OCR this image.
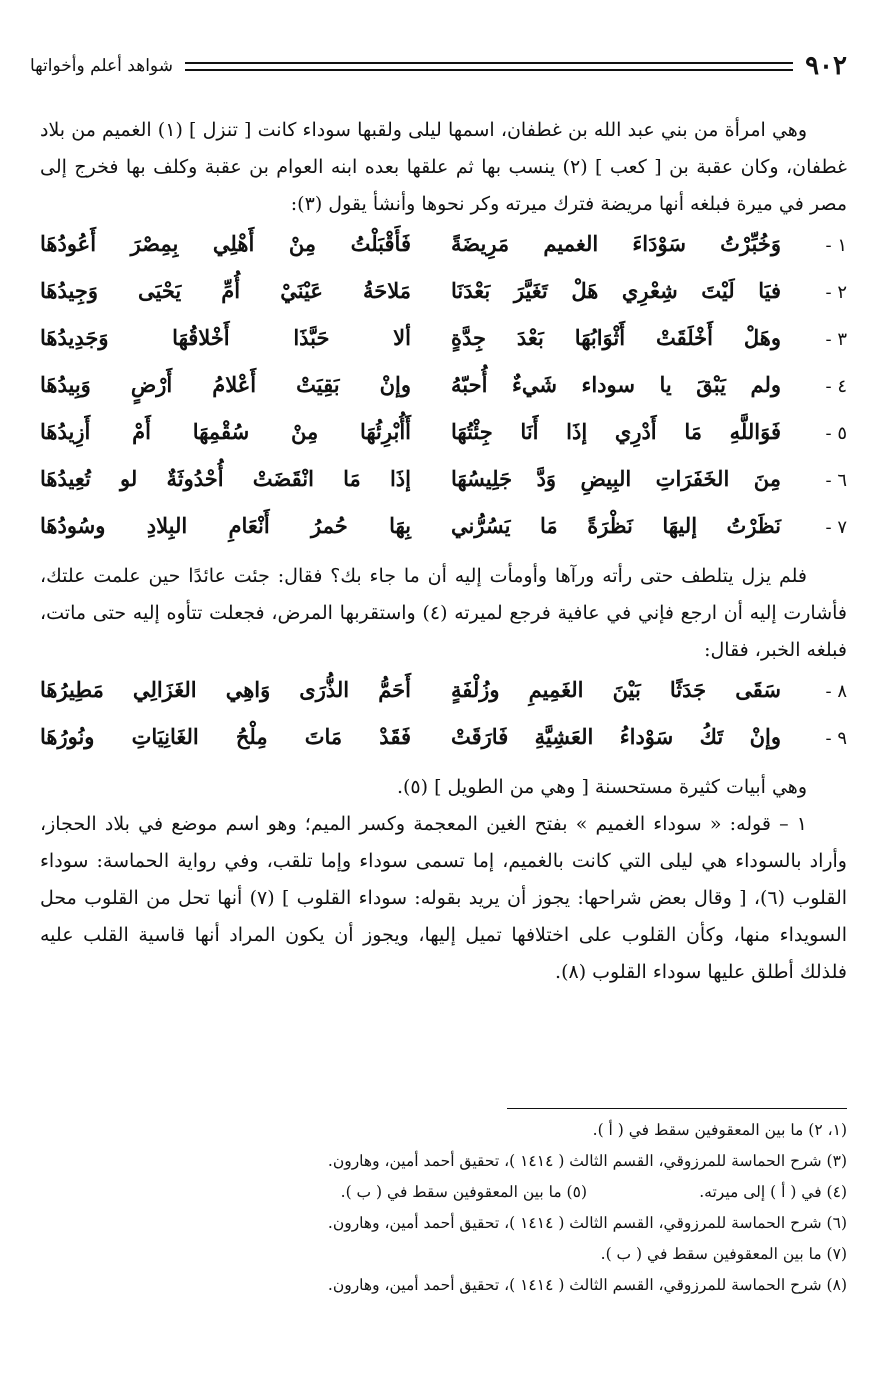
٩٠٢
شواهد أعلم وأخواتها

وهي امرأة من بني عبد الله بن غطفان، اسمها ليلى ولقبها سوداء كانت [ تنزل ] (١) الغميم من بلاد غطفان، وكان عقبة بن [ كعب ] (٢) ينسب بها ثم علقها بعده ابنه العوام بن عقبة وكلف بها فخرج إلى مصر في ميرة فبلغه أنها مريضة فترك ميرته وكر نحوها وأنشأ يقول (٣):

١ -
وَخُبِّرْتُ سَوْدَاءَ الغميم مَرِيضَةً
فَأَقْبَلْتُ مِنْ أَهْلِي بِمِصْرَ أَعُودُهَا
٢ -
فيَا لَيْتَ شِعْرِي هَلْ تَغَيَّرَ بَعْدَنَا
مَلاحَةُ عَيْنَيْ أُمِّ يَحْيَى وَجِيدُهَا
٣ -
وهَلْ أَخْلَقَتْ أَثْوَابُهَا بَعْدَ جِدَّةٍ
ألا حَبَّذَا أَخْلاقُهَا وَجَدِيدُهَا
٤ -
ولم يَبْقَ يا سوداء شَيءٌ أُحبّهُ
وإنْ بَقِيَتْ أَعْلامُ أَرْضٍ وَبِيدُهَا
٥ -
فَوَاللَّهِ مَا أَدْرِي إذَا أَنَا جِئْتُهَا
أَأُبْرِئُهَا مِنْ سُقْمِهَا أَمْ أَزِيدُهَا
٦ -
مِنَ الخَفَرَاتِ البِيضِ وَدَّ جَلِيسُهَا
إذَا مَا انْقَضَتْ أُحْدُوثَةٌ لو تُعِيدُهَا
٧ -
نَظَرْتُ إليهَا نَظْرَةً مَا يَسُرُّني
بِهَا حُمرُ أَنْعَامِ البِلادِ وسُودُهَا

فلم يزل يتلطف حتى رأته ورآها وأومأت إليه أن ما جاء بك؟ فقال: جئت عائدًا حين علمت علتك، فأشارت إليه أن ارجع فإني في عافية فرجع لميرته (٤) واستقربها المرض، فجعلت تتأوه إليه حتى ماتت، فبلغه الخبر، فقال:

٨ -
سَقَى جَدَثًا بَيْنَ الغَمِيمِ وزُلْفَةٍ
أَحَمُّ الذُّرَى وَاهِي الغَزَالِي مَطِيرُهَا
٩ -
وإنْ تَكُ سَوْداءُ العَشِيَّةِ فَارَقَتْ
فَقَدْ مَاتَ مِلْحُ الغَانِيَاتِ ونُورُهَا

وهي أبيات كثيرة مستحسنة [ وهي من الطويل ] (٥).

١ – قوله: « سوداء الغميم » بفتح الغين المعجمة وكسر الميم؛ وهو اسم موضع في بلاد الحجاز، وأراد بالسوداء هي ليلى التي كانت بالغميم، إما تسمى سوداء وإما تلقب، وفي رواية الحماسة: سوداء القلوب (٦)، [ وقال بعض شراحها: يجوز أن يريد بقوله: سوداء القلوب ] (٧) أنها تحل من القلوب محل السويداء منها، وكأن القلوب على اختلافها تميل إليها، ويجوز أن يكون المراد أنها قاسية القلب عليه فلذلك أطلق عليها سوداء القلوب (٨).

(١، ٢) ما بين المعقوفين سقط في ( أ ).
(٣) شرح الحماسة للمرزوقي، القسم الثالث ( ١٤١٤ )، تحقيق أحمد أمين، وهارون.
(٤) في ( أ ) إلى ميرته.
(٥) ما بين المعقوفين سقط في ( ب ).
(٦) شرح الحماسة للمرزوقي، القسم الثالث ( ١٤١٤ )، تحقيق أحمد أمين، وهارون.
(٧) ما بين المعقوفين سقط في ( ب ).
(٨) شرح الحماسة للمرزوقي، القسم الثالث ( ١٤١٤ )، تحقيق أحمد أمين، وهارون.
